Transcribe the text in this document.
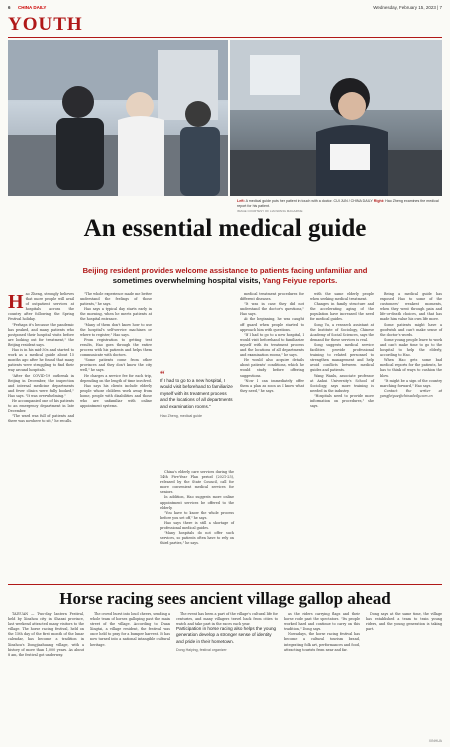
6 CHINA DAILY	Wednesday, February 15, 2023 | 7
YOUTH
Left: A medical guide puts her patient in touch with a doctor. CUI JUN / CHINA DAILY Right: Hao Zheng examines the medical report for his patient.
IMAGE COURTESY OF LIAOWANG MAGAZINE
An essential medical guide
Beijing resident provides welcome assistance to patients facing unfamiliar and
sometimes overwhelming hospital visits, Yang Feiyue reports.
H ao Zheng, strongly believes that more people will avail of outpatient services at hospitals across the country after following the Spring Festival holiday.

"Perhaps it's because the pandemic has peaked, and many patients who postponed their hospital visits before are looking out for treatment," the Beijing resident says.

Hao is in his mid-30s and started to work as a medical guide about 15 months ago after he found that many patients were struggling to find their way around hospitals.

"After the COVID-19 outbreak in Beijing in December, the inspection and internal medicine departments and fever clinics were fully booked," Hao says. "It was overwhelming."

He accompanied one of his patients to an emergency department in late December.

"The ward was full of patients and there was nowhere to sit," he recalls.

"The whole experience made me better understand the feelings of those patients," he says.

Hao says a typical day starts early in the morning, when he meets patients at the hospital entrance.

"Many of them don't know how to use the hospital's self-service machines or where to register," Hao says.

From registration to getting test results, Hao goes through the entire process with his patients and helps them communicate with doctors.

"Some patients come from other provinces and they don't know the city well," he says.

He charges a service fee for each trip, depending on the length of time involved.

Hao says his clients include elderly people whose children work away from home, people with disabilities and those who are unfamiliar with online appointment systems.

“
If I had to go to a new hospital, I would visit beforehand to familiarize myself with its treatment process and the locations of all departments and examination rooms.”
Hao Zheng, medical guide

China's elderly care services during the 14th Five-Year Plan period (2021-25), released by the State Council, call for more convenient medical services for seniors.

In addition, Hao suggests more online appointment services be offered to the elderly.

"You have to know the whole process before you set off," he says.

Hao says there is still a shortage of professional medical guides.

"Many hospitals do not offer such services, so patients often have to rely on third parties," he says.

medical treatment procedures for different diseases.

"It was in case they did not understand the doctor's questions," Hao says.

At the beginning, he was caught off guard when people started to approach him with questions.

"If I had to go to a new hospital, I would visit beforehand to familiarize myself with its treatment process and the locations of all departments and examination rooms," he says.

He would also acquire details about patients' conditions, which he would study before offering suggestions.

"Now I can immediately offer them a plan as soon as I know what they need," he says.

with the same elderly people when seeking medical treatment.

Changes in family structure and the accelerating aging of the population have increased the need for medical guides.

Song Yu, a research assistant at the Institute of Sociology, Chinese Academy of Social Sciences, says the demand for these services is real.

Song suggests medical service facilities provide professional training to related personnel to strengthen management and help avoid conflicts between medical guides and patients.

Wang Wanlu, associate professor at Anhui University's School of Sociology, says more training is needed in the industry.

"Hospitals need to provide more information on procedures," she says.

Being a medical guide has exposed Hao to some of the customers' weakest moments, when they went through pain and life-or-death choices, and that has made him value his own life more.

Some patients might have a goodwish and can't make sense of the doctor's words.

Some young people leave to work and can't make time to go to the hospital to help the elderly, according to Hao.

When Hao gets some bad medical reports for the patients, he has to think of ways to cushion the blow.

"It might be a sign of the country marching forward," Hao says.

Contact the writer at yangfeiyue@chinadaily.com.cn

Horse racing sees ancient village gallop ahead

TAIYUAN — Two-day lantern Festival, held by Xinzhou city in Shanxi province, last weekend attracted many visitors to the village. The horse racing festival, held on the 15th day of the first month of the lunar calendar, has become a tradition in Xinzhou's Dongjiazhuang village, with a history of more than 1,000 years. As about 8 am, the festival got underway.

The crowd burst into loud cheers, sending a whole team of horses galloping past the main street of the village. According to Duan Xingtai, a village resident, the festival was once held to pray for a bumper harvest. It has now turned into a national intangible cultural heritage.

The event has been a part of the village's cultural life for centuries, and many villagers travel back from cities to watch and take part in the races each year.

Participation in horse racing also helps the young generation develop a stronger sense of identity and pride in their hometown.
Dong Haiying, festival organizer

as the riders carrying flags and their horse rode past the spectators. "Its people worked hard and continue to carry on this tradition," Dong says.

Nowadays, the horse racing festival has become a cultural tourism brand, integrating folk art, performances and food, attracting tourists from near and far.

Dong says at the same time, the village has established a team to train young riders, and the young generation is taking part.

XINHUA
